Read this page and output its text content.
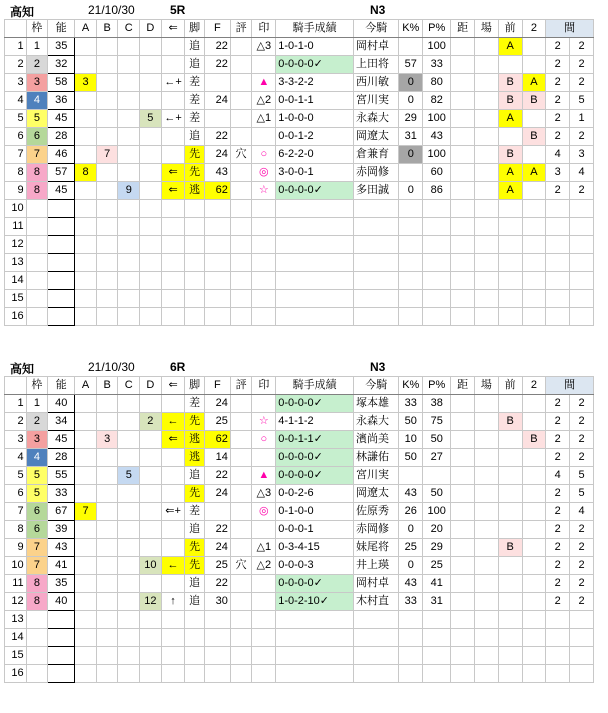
高知	21/10/30	5R	N3
	枠	能	A	B	C	D	⇐	脚	F	評	印	騎手成績	今騎	K%	P%	距	場	前	2	間	
1	1	35						追	22		△3	1-0-1-0	岡村卓		100			A		2	2
2	2	32						追	22			0-0-0-0✓	上田将	57	33					2	2
3	3	58	3				←+	差			▲	3-3-2-2	西川敏	0	80			B	A	2	2
4	4	36						差	24		△2	0-0-1-1	宮川実	0	82			B	B	2	5
5	5	45				5	←+	差			△1	1-0-0-0	永森大	29	100			A		2	1
6	6	28						追	22			0-0-1-2	岡遼太	31	43				B	2	2
7	7	46		7				先	24	穴	○	6-2-2-0	倉兼育	0	100			B		4	3
8	8	57	8				⇐	先	43		◎	3-0-0-1	赤岡修		60			A	A	3	4
9	8	45			9		⇐	逃	62		☆	0-0-0-0✓	多田誠	0	86			A		2	2
10																					
11																					
12																					
13																					
14																					
15																					
16																					
高知	21/10/30	6R	N3
	枠	能	A	B	C	D	⇐	脚	F	評	印	騎手成績	今騎	K%	P%	距	場	前	2	間	
1	1	40						差	24			0-0-0-0✓	塚本雄	33	38					2	2
2	2	34				2	←	先	25		☆	4-1-1-2	永森大	50	75			B		2	2
3	3	45		3			⇐	逃	62		○	0-0-1-1✓	濱尚美	10	50				B	2	2
4	4	28						逃	14			0-0-0-0✓	林謙佑	50	27					2	2
5	5	55			5			追	22		▲	0-0-0-0✓	宮川実							4	5
6	5	33						先	24		△3	0-0-2-6	岡遼太	43	50					2	5
7	6	67	7				⇐+	差			◎	0-1-0-0	佐原秀	26	100					2	4
8	6	39						追	22			0-0-0-1	赤岡修	0	20					2	2
9	7	43						先	24		△1	0-3-4-15	妹尾将	25	29			B		2	2
10	7	41				10	←	先	25	穴	△2	0-0-0-3	井上瑛	0	25					2	2
11	8	35						追	22			0-0-0-0✓	岡村卓	43	41					2	2
12	8	40				12	↑	追	30			1-0-2-10✓	木村直	33	31					2	2
13																					
14																					
15																					
16																					
